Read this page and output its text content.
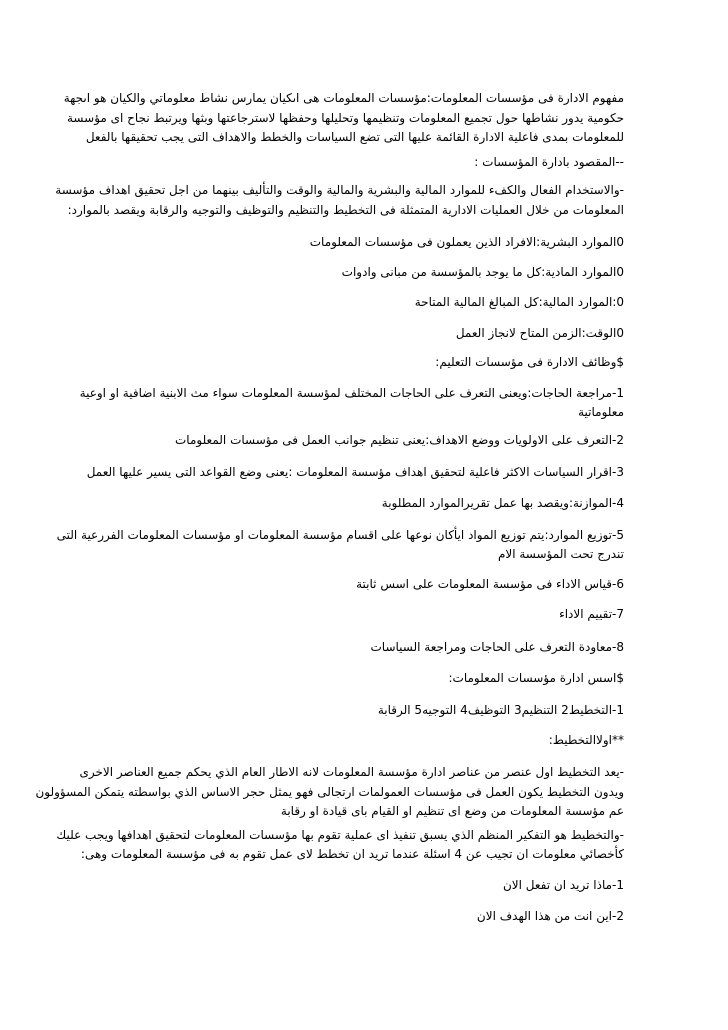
مفهوم الادارة فى مؤسسات المعلومات:مؤسسات المعلومات هى اىكيان يمارس نشاط معلوماتي والكيان هو اىجهة
حكومية يدور نشاطها حول تجميع المعلومات وتنظيمها وتحليلها وحفظها لاسترجاعتها وبثها ويرتبط نجاح اى مؤسسة
للمعلومات بمدى فاعلية الادارة القائمة عليها التى تضع السياسات والخطط والاهداف التى يجب تحقيقها بالفعل
--المقصود بادارة المؤسسات :
-والاستخدام الفعال والكفء للموارد المالية والبشرية والمالية والوقت والتأليف بينهما من اجل تحقيق اهداف مؤسسة
المعلومات من خلال العمليات الادارية المتمثلة فى التخطيط والتنظيم والتوظيف والتوجيه والرقابة ويقصد بالموارد:
0الموارد البشرية:الافراد الذين يعملون فى مؤسسات المعلومات
0الموارد المادية:كل ما يوجد بالمؤسسة من مبانى وادوات
0:الموارد المالية:كل المبالغ المالية المتاحة
0الوقت:الزمن المتاح لانجاز العمل
$وظائف الادارة فى مؤسسات التعليم:
1-مراجعة الحاجات:ويعنى التعرف على الحاجات المختلف لمؤسسة المعلومات سواء مث الابنية اضافية او اوعية
معلوماتية
2-التعرف على الاولويات ووضع الاهداف:يعنى تنظيم جوانب العمل فى مؤسسات المعلومات
3-اقرار السياسات الاكثر فاعلية لتحقيق اهداف مؤسسة المعلومات :يعنى وضع القواعد التى يسير عليها العمل
4-الموازنة:ويقصد بها عمل تقريرالموارد المطلوبة
5-توزيع الموارد:يتم توزيع المواد ايأكان نوعها على اقسام مؤسسة المعلومات او مؤسسات المعلومات الفررعية التى
تندرج تحت المؤسسة الام
6-قياس الاداء فى مؤسسة المعلومات على اسس ثابتة
7-تقييم الاداء
8-معاودة التعرف على الحاجات ومراجعة السياسات
$اسس ادارة مؤسسات المعلومات:
1-التخطيط2 التنظيم3 التوظيف4 التوجيه5 الرقابة
**اولاالتخطيط:
-يعد التخطيط اول عنصر من عناصر ادارة مؤسسة المعلومات لانه الاطار العام الذي يحكم جميع العناصر الاخرى
ويدون التخطيط يكون العمل فى مؤسسات العمولمات ارتجالى فهو يمثل حجر الاساس الذي بواسطته يتمكن المسؤولون
عم مؤسسة المعلومات من وضع اى تنظيم او القيام باى قيادة او رقابة
-والتخطيط هو التفكير المنظم الذي يسبق تنفيذ اى عملية تقوم بها مؤسسات المعلومات لتحقيق اهدافها ويجب عليك
كأخصائي معلومات ان تجيب عن 4 اسئلة عندما تريد ان تخطط لاى عمل تقوم به فى مؤسسة المعلومات وهى:
1-ماذا تريد ان تفعل الان
2-اين انت من هذا الهدف الان
